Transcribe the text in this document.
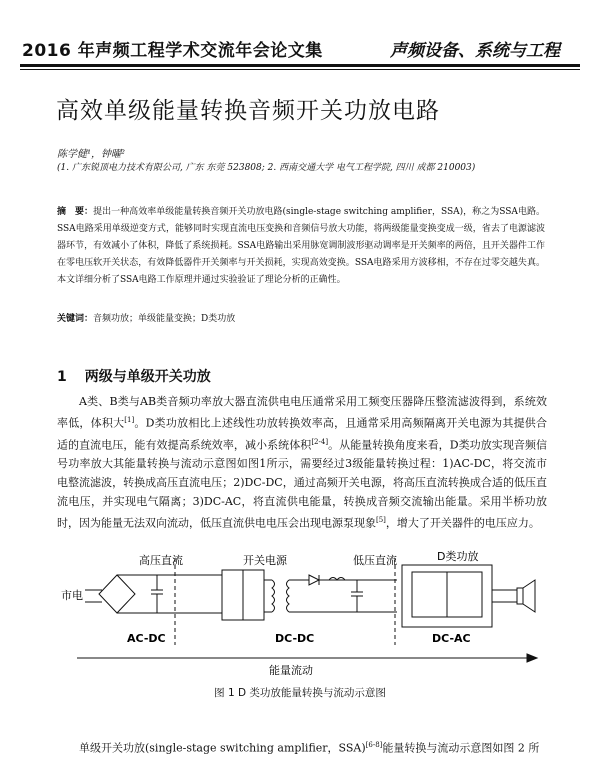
2016 年声频工程学术交流年会论文集	声频设备、系统与工程
高效单级能量转换音频开关功放电路
陈学健¹，钟曜²
(1. 广东锐顶电力技术有限公司, 广东 东莞 523808; 2. 西南交通大学 电气工程学院, 四川 成都 210003)
摘　要：提出一种高效率单级能量转换音频开关功放电路(single-stage switching amplifier，SSA)，称之为SSA电路。SSA电路采用单级逆变方式，能够同时实现直流电压变换和音频信号放大功能，将两级能量变换变成一级，省去了电源滤波器环节，有效减小了体积，降低了系统损耗。SSA电路输出采用脉宽调制波形驱动调率是开关频率的两倍，且开关器件工作在零电压软开关状态，有效降低器件开关频率与开关损耗，实现高效变换。SSA电路采用方波移相，不存在过零交越失真。本文详细分析了SSA电路工作原理并通过实验验证了理论分析的正确性。
关键词：音频功放；单级能量变换；D类功放
1 两级与单级开关功放
A类、B类与AB类音频功率放大器直流供电电压通常采用工频变压器降压整流滤波得到，系统效率低，体积大[1]。D类功放相比上述线性功放转换效率高，且通常采用高频隔离开关电源为其提供合适的直流电压，能有效提高系统效率，减小系统体积[2-4]。从能量转换角度来看，D类功放实现音频信号功率放大其能量转换与流动示意图如图1所示，需要经过3级能量转换过程：1)AC-DC，将交流市电整流滤波，转换成高压直流电压；2)DC-DC，通过高频开关电源，将高压直流转换成合适的低压直流电压，并实现电气隔离；3)DC-AC，将直流供电能量，转换成音频交流输出能量。采用半桥功放时，因为能量无法双向流动，低压直流供电电压会出现电源泵现象[5]，增大了开关器件的电压应力。
市电
高压直流	开关电源	低压直流	D类功放
AC-DC	DC-DC	DC-AC
能量流动
图 1 D 类功放能量转换与流动示意图
单级开关功放(single-stage switching amplifier，SSA)[6-8]能量转换与流动示意图如图 2 所
